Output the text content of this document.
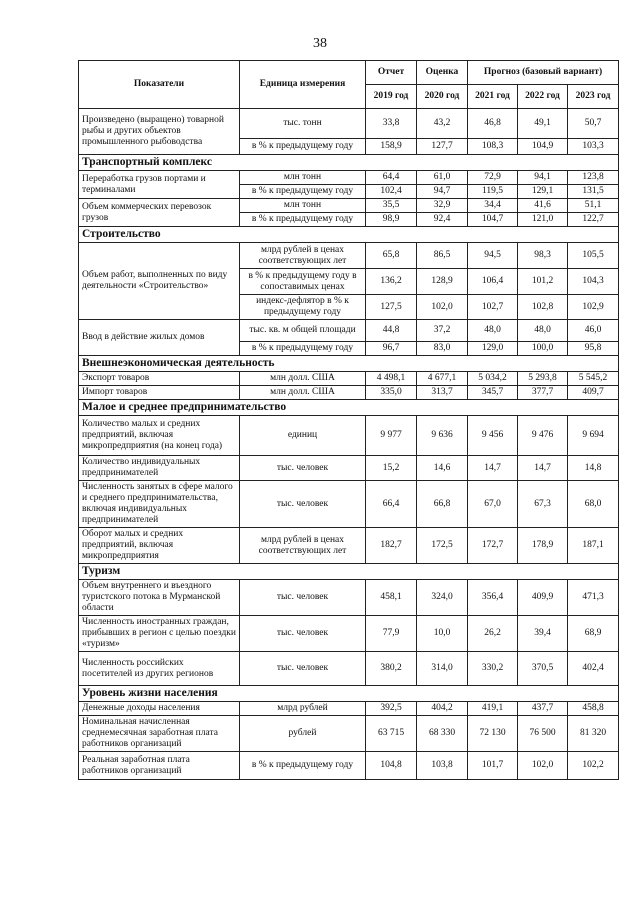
38
Показатели	Единица измерения	Отчет	Оценка	Прогноз (базовый вариант)		
		2019 год	2020 год	2021 год	2022 год	2023 год
Произведено (выращено) товарной рыбы и других объектов промышленного рыбоводства	тыс. тонн	33,8	43,2	46,8	49,1	50,7
	в % к предыдущему году	158,9	127,7	108,3	104,9	103,3
Транспортный комплекс						
Переработка грузов портами и терминалами	млн тонн	64,4	61,0	72,9	94,1	123,8
	в % к предыдущему году	102,4	94,7	119,5	129,1	131,5
Объем коммерческих перевозок грузов	млн тонн	35,5	32,9	34,4	41,6	51,1
	в % к предыдущему году	98,9	92,4	104,7	121,0	122,7
Строительство						
Объем работ, выполненных по виду деятельности «Строительство»	млрд рублей в ценах соответствующих лет	65,8	86,5	94,5	98,3	105,5
	в % к предыдущему году в сопоставимых ценах	136,2	128,9	106,4	101,2	104,3
	индекс-дефлятор в % к предыдущему году	127,5	102,0	102,7	102,8	102,9
Ввод в действие жилых домов	тыс. кв. м общей площади	44,8	37,2	48,0	48,0	46,0
	в % к предыдущему году	96,7	83,0	129,0	100,0	95,8
Внешнеэкономическая деятельность						
Экспорт товаров	млн долл. США	4 498,1	4 677,1	5 034,2	5 293,8	5 545,2
Импорт товаров	млн долл. США	335,0	313,7	345,7	377,7	409,7
Малое и среднее предпринимательство						
Количество малых и средних предприятий, включая микропредприятия (на конец года)	единиц	9 977	9 636	9 456	9 476	9 694
Количество индивидуальных предпринимателей	тыс. человек	15,2	14,6	14,7	14,7	14,8
Численность занятых в сфере малого и среднего предпринимательства, включая индивидуальных предпринимателей	тыс. человек	66,4	66,8	67,0	67,3	68,0
Оборот малых и средних предприятий, включая микропредприятия	млрд рублей в ценах соответствующих лет	182,7	172,5	172,7	178,9	187,1
Туризм						
Объем внутреннего и въездного туристского потока в Мурманской области	тыс. человек	458,1	324,0	356,4	409,9	471,3
Численность иностранных граждан, прибывших в регион с целью поездки «туризм»	тыс. человек	77,9	10,0	26,2	39,4	68,9
Численность российских посетителей из других регионов	тыс. человек	380,2	314,0	330,2	370,5	402,4
Уровень жизни населения						
Денежные доходы населения	млрд рублей	392,5	404,2	419,1	437,7	458,8
Номинальная начисленная среднемесячная заработная плата работников организаций	рублей	63 715	68 330	72 130	76 500	81 320
Реальная заработная плата работников организаций	в % к предыдущему году	104,8	103,8	101,7	102,0	102,2
